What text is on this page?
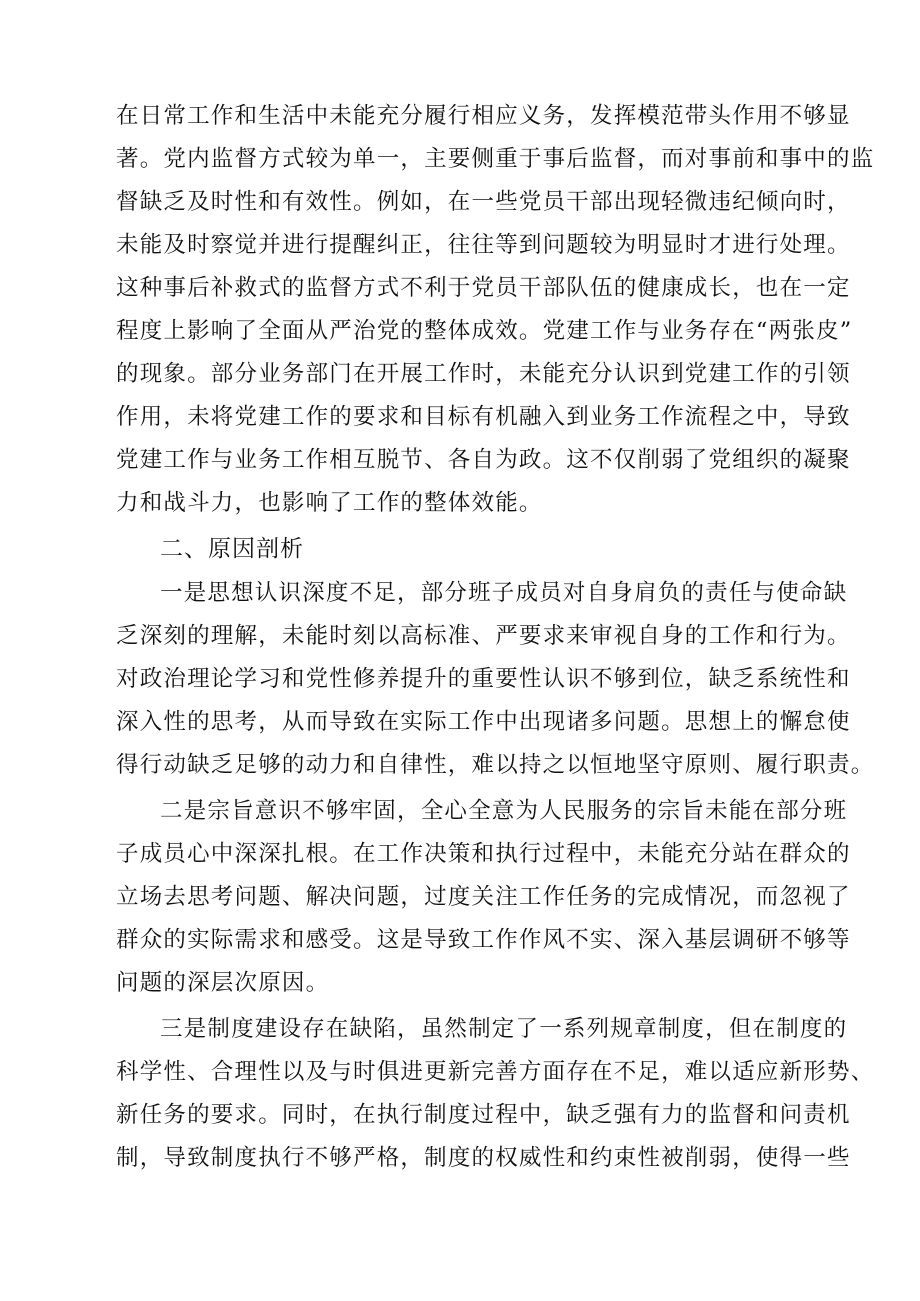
在日常工作和生活中未能充分履行相应义务，发挥模范带头作用不够显
著。党内监督方式较为单一，主要侧重于事后监督，而对事前和事中的监
督缺乏及时性和有效性。例如，在一些党员干部出现轻微违纪倾向时，
未能及时察觉并进行提醒纠正，往往等到问题较为明显时才进行处理。
这种事后补救式的监督方式不利于党员干部队伍的健康成长，也在一定
程度上影响了全面从严治党的整体成效。党建工作与业务存在“两张皮”
的现象。部分业务部门在开展工作时，未能充分认识到党建工作的引领
作用，未将党建工作的要求和目标有机融入到业务工作流程之中，导致
党建工作与业务工作相互脱节、各自为政。这不仅削弱了党组织的凝聚
力和战斗力，也影响了工作的整体效能。
二、原因剖析
一是思想认识深度不足，部分班子成员对自身肩负的责任与使命缺
乏深刻的理解，未能时刻以高标准、严要求来审视自身的工作和行为。
对政治理论学习和党性修养提升的重要性认识不够到位，缺乏系统性和
深入性的思考，从而导致在实际工作中出现诸多问题。思想上的懈怠使
得行动缺乏足够的动力和自律性，难以持之以恒地坚守原则、履行职责。
二是宗旨意识不够牢固，全心全意为人民服务的宗旨未能在部分班
子成员心中深深扎根。在工作决策和执行过程中，未能充分站在群众的
立场去思考问题、解决问题，过度关注工作任务的完成情况，而忽视了
群众的实际需求和感受。这是导致工作作风不实、深入基层调研不够等
问题的深层次原因。
三是制度建设存在缺陷，虽然制定了一系列规章制度，但在制度的
科学性、合理性以及与时俱进更新完善方面存在不足，难以适应新形势、
新任务的要求。同时，在执行制度过程中，缺乏强有力的监督和问责机
制，导致制度执行不够严格，制度的权威性和约束性被削弱，使得一些
